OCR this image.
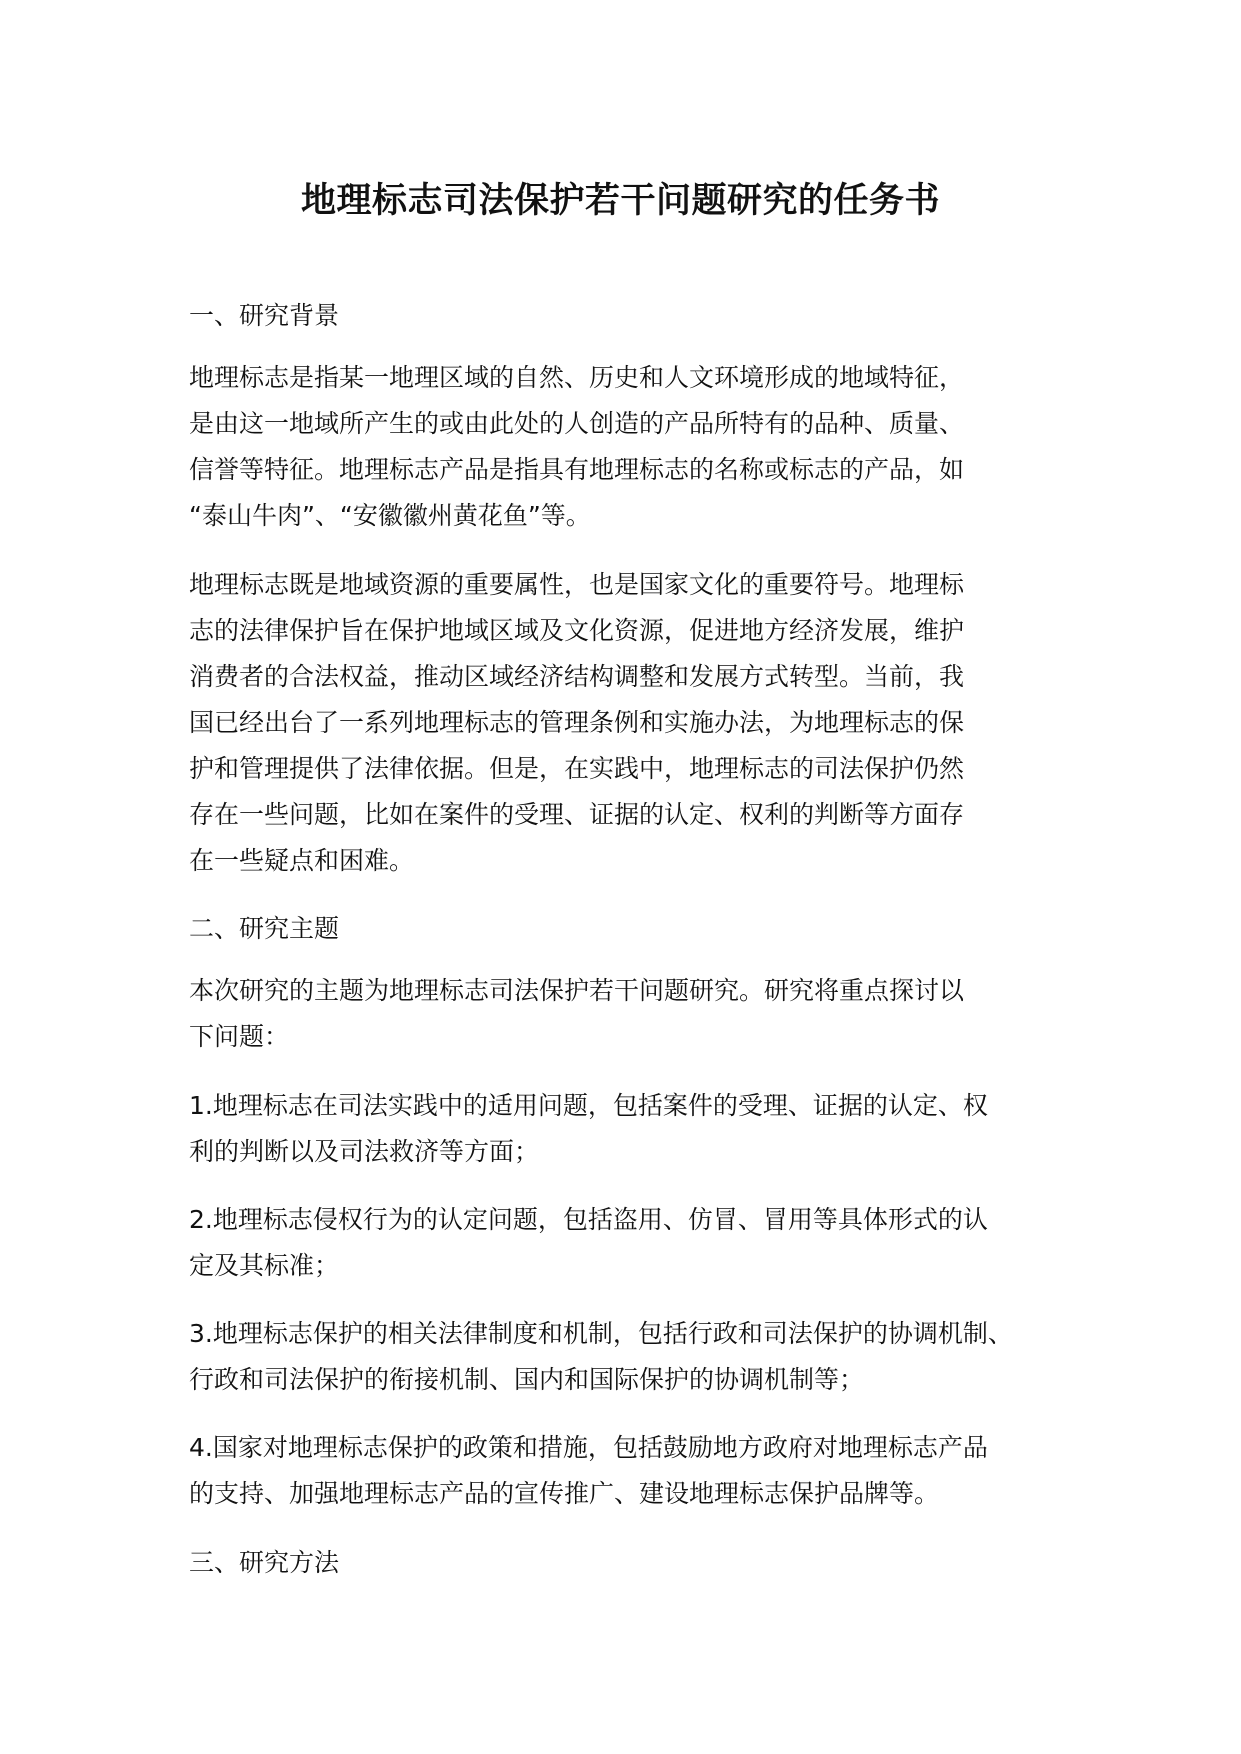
地理标志司法保护若干问题研究的任务书
一、研究背景
地理标志是指某一地理区域的自然、历史和人文环境形成的地域特征，
是由这一地域所产生的或由此处的人创造的产品所特有的品种、质量、
信誉等特征。地理标志产品是指具有地理标志的名称或标志的产品，如
“泰山牛肉”、“安徽徽州黄花鱼”等。
地理标志既是地域资源的重要属性，也是国家文化的重要符号。地理标
志的法律保护旨在保护地域区域及文化资源，促进地方经济发展，维护
消费者的合法权益，推动区域经济结构调整和发展方式转型。当前，我
国已经出台了一系列地理标志的管理条例和实施办法，为地理标志的保
护和管理提供了法律依据。但是，在实践中，地理标志的司法保护仍然
存在一些问题，比如在案件的受理、证据的认定、权利的判断等方面存
在一些疑点和困难。
二、研究主题
本次研究的主题为地理标志司法保护若干问题研究。研究将重点探讨以
下问题：
1.地理标志在司法实践中的适用问题，包括案件的受理、证据的认定、权
利的判断以及司法救济等方面；
2.地理标志侵权行为的认定问题，包括盗用、仿冒、冒用等具体形式的认
定及其标准；
3.地理标志保护的相关法律制度和机制，包括行政和司法保护的协调机制、
行政和司法保护的衔接机制、国内和国际保护的协调机制等；
4.国家对地理标志保护的政策和措施，包括鼓励地方政府对地理标志产品
的支持、加强地理标志产品的宣传推广、建设地理标志保护品牌等。
三、研究方法
